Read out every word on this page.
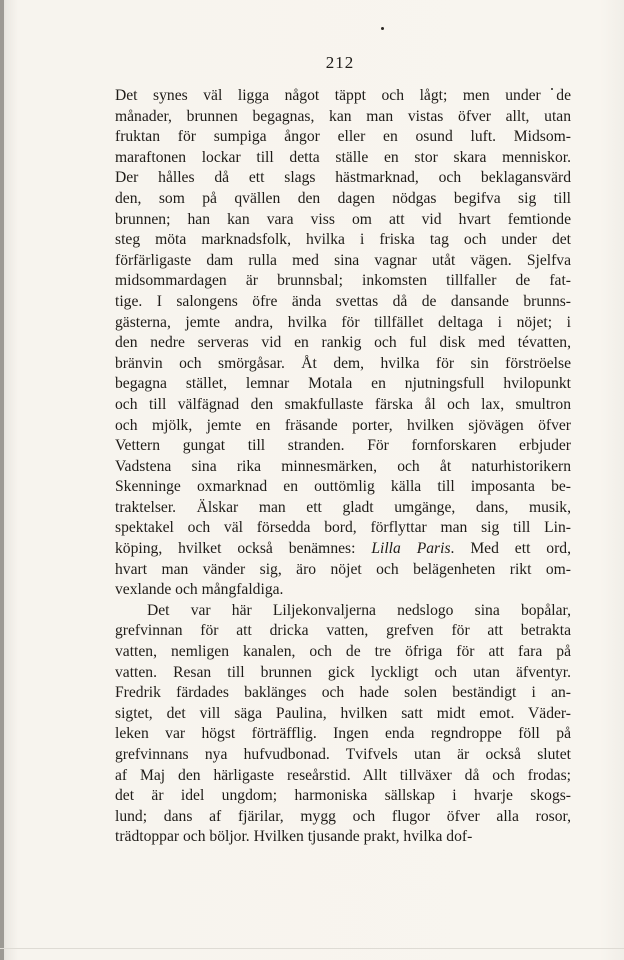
212
Det synes väl ligga något täppt och lågt; men under de
månader, brunnen begagnas, kan man vistas öfver allt, utan
fruktan för sumpiga ångor eller en osund luft. Midsom-
maraftonen lockar till detta ställe en stor skara menniskor.
Der hålles då ett slags hästmarknad, och beklagansvärd
den, som på qvällen den dagen nödgas begifva sig till
brunnen; han kan vara viss om att vid hvart femtionde
steg möta marknadsfolk, hvilka i friska tag och under det
förfärligaste dam rulla med sina vagnar utåt vägen. Sjelfva
midsommardagen är brunnsbal; inkomsten tillfaller de fat-
tige. I salongens öfre ända svettas då de dansande brunns-
gästerna, jemte andra, hvilka för tillfället deltaga i nöjet; i
den nedre serveras vid en rankig och ful disk med tévatten,
bränvin och smörgåsar. Åt dem, hvilka för sin förströelse
begagna stället, lemnar Motala en njutningsfull hvilopunkt
och till välfägnad den smakfullaste färska ål och lax, smultron
och mjölk, jemte en fräsande porter, hvilken sjövägen öfver
Vettern gungat till stranden. För fornforskaren erbjuder
Vadstena sina rika minnesmärken, och åt naturhistorikern
Skenninge oxmarknad en outtömlig källa till imposanta be-
traktelser. Älskar man ett gladt umgänge, dans, musik,
spektakel och väl försedda bord, förflyttar man sig till Lin-
köping, hvilket också benämnes: Lilla Paris. Med ett ord,
hvart man vänder sig, äro nöjet och belägenheten rikt om-
vexlande och mångfaldiga.
Det var här Liljekonvaljerna nedslogo sina bopålar,
grefvinnan för att dricka vatten, grefven för att betrakta
vatten, nemligen kanalen, och de tre öfriga för att fara på
vatten. Resan till brunnen gick lyckligt och utan äfventyr.
Fredrik färdades baklänges och hade solen beständigt i an-
sigtet, det vill säga Paulina, hvilken satt midt emot. Väder-
leken var högst förträfflig. Ingen enda regndroppe föll på
grefvinnans nya hufvudbonad. Tvifvels utan är också slutet
af Maj den härligaste reseårstid. Allt tillväxer då och frodas;
det är idel ungdom; harmoniska sällskap i hvarje skogs-
lund; dans af fjärilar, mygg och flugor öfver alla rosor,
trädtoppar och böljor. Hvilken tjusande prakt, hvilka dof-
